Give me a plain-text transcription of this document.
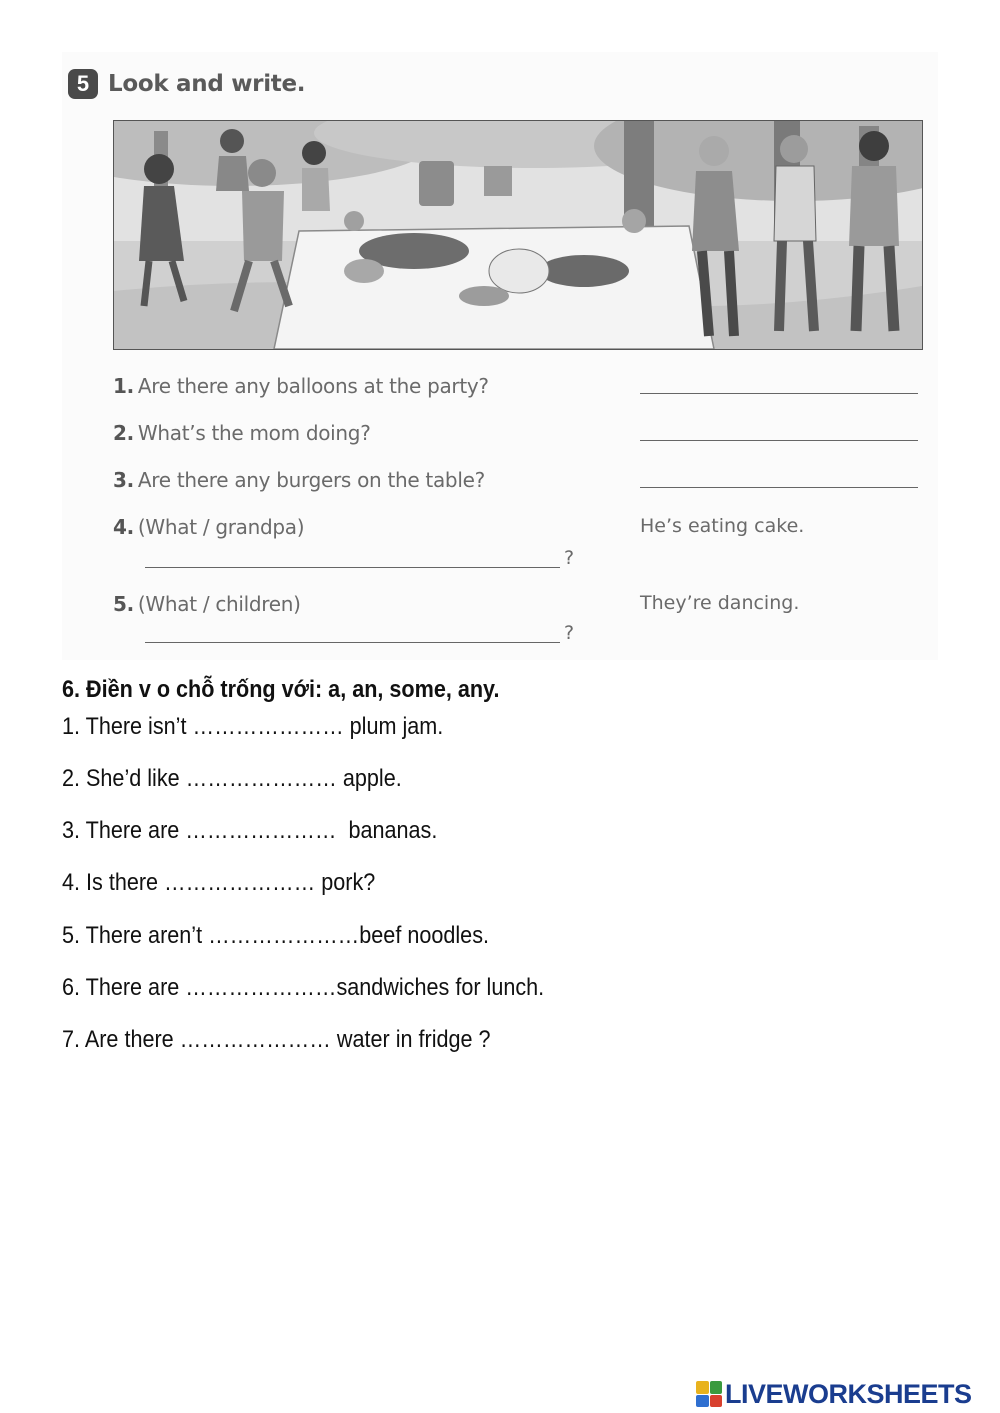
5 Look and write.
1. Are there any balloons at the party?
2. What’s the mom doing?
3. Are there any burgers on the table?
4. (What / grandpa)	He’s eating cake.
?
5. (What / children)	They’re dancing.
?
6. Điền v o chỗ trống với: a, an, some, any.
1. There isn’t ………………… plum jam.
2. She’d like ………………… apple.
3. There are …………………  bananas.
4. Is there ………………… pork?
5. There aren’t …………………beef noodles.
6. There are …………………sandwiches for lunch.
7. Are there ………………… water in fridge ?
LIVEWORKSHEETS
